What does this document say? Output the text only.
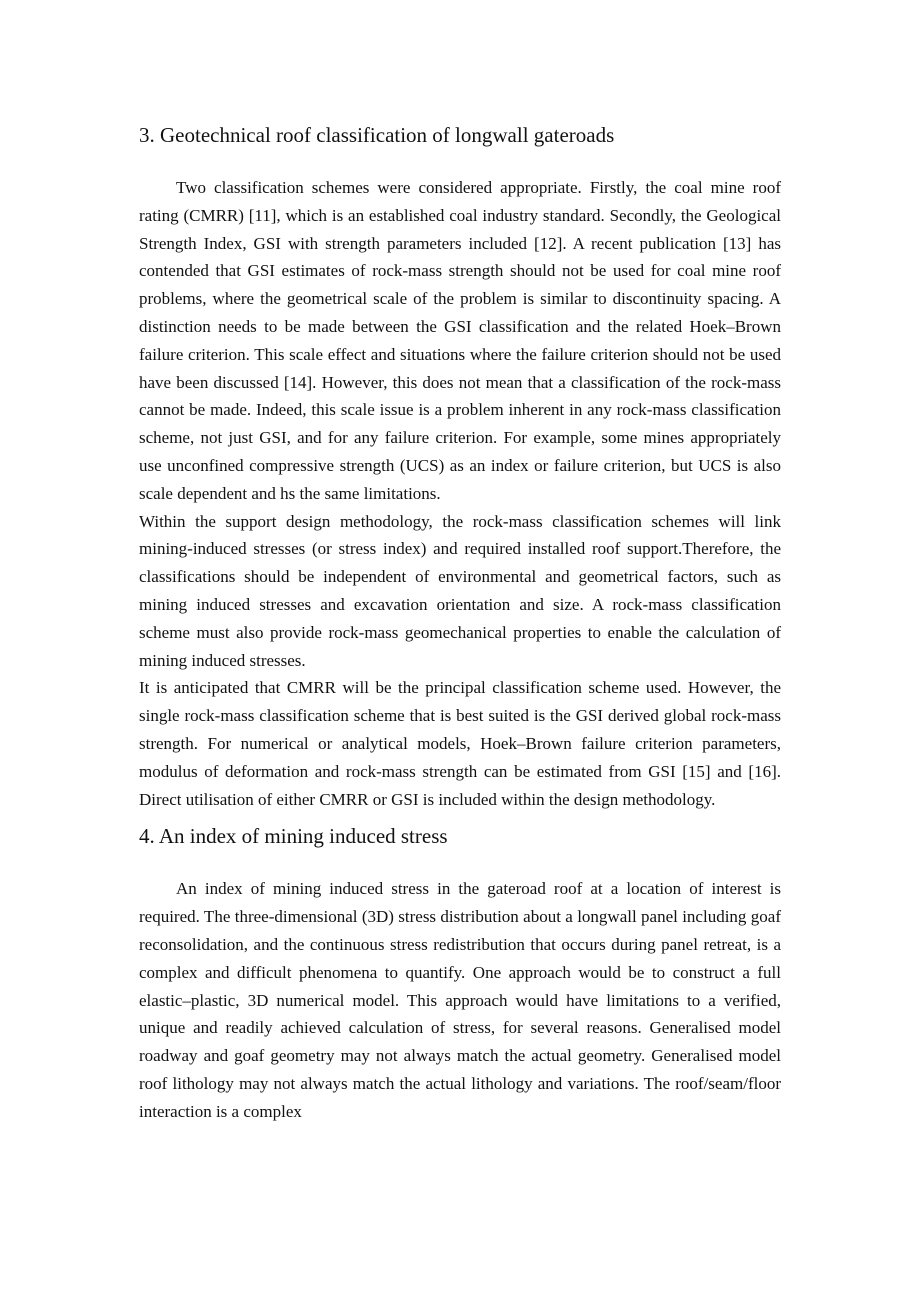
3. Geotechnical roof classification of longwall gateroads

Two classification schemes were considered appropriate. Firstly, the coal mine roof rating (CMRR) [11], which is an established coal industry standard. Secondly, the Geological Strength Index, GSI with strength parameters included [12]. A recent publication [13] has contended that GSI estimates of rock-mass strength should not be used for coal mine roof problems, where the geometrical scale of the problem is similar to discontinuity spacing. A distinction needs to be made between the GSI classification and the related Hoek–Brown failure criterion. This scale effect and situations where the failure criterion should not be used have been discussed [14]. However, this does not mean that a classification of the rock-mass cannot be made. Indeed, this scale issue is a problem inherent in any rock-mass classification scheme, not just GSI, and for any failure criterion. For example, some mines appropriately use unconfined compressive strength (UCS) as an index or failure criterion, but UCS is also scale dependent and hs the same limitations.

Within the support design methodology, the rock-mass classification schemes will link mining-induced stresses (or stress index) and required installed roof support.Therefore, the classifications should be independent of environmental and geometrical factors, such as mining induced stresses and excavation orientation and size. A rock-mass classification scheme must also provide rock-mass geomechanical properties to enable the calculation of mining induced stresses.

It is anticipated that CMRR will be the principal classification scheme used. However, the single rock-mass classification scheme that is best suited is the GSI derived global rock-mass strength. For numerical or analytical models, Hoek–Brown failure criterion parameters, modulus of deformation and rock-mass strength can be estimated from GSI [15] and [16]. Direct utilisation of either CMRR or GSI is included within the design methodology.

4. An index of mining induced stress

An index of mining induced stress in the gateroad roof at a location of interest is required. The three-dimensional (3D) stress distribution about a longwall panel including goaf reconsolidation, and the continuous stress redistribution that occurs during panel retreat, is a complex and difficult phenomena to quantify. One approach would be to construct a full elastic–plastic, 3D numerical model. This approach would have limitations to a verified, unique and readily achieved calculation of stress, for several reasons. Generalised model roadway and goaf geometry may not always match the actual geometry. Generalised model roof lithology may not always match the actual lithology and variations. The roof/seam/floor interaction is a complex
